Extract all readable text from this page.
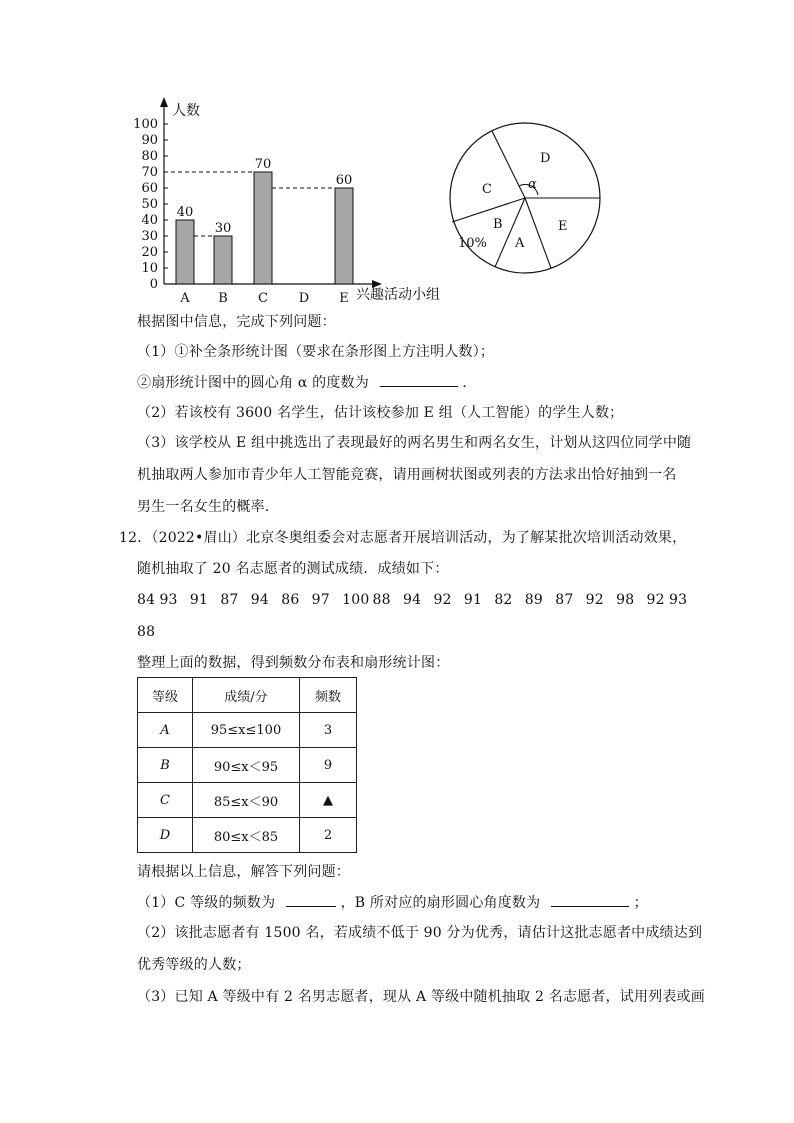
0
10
20
30
40
50
60
70
80
90
100
40
30
70
60
A B C D E
人数
兴趣活动小组
A
B
C
D
E
α
10%
根据图中信息，完成下列问题：
（1）①补全条形统计图（要求在条形图上方注明人数）；
②扇形统计图中的圆心角 α 的度数为	.
（2）若该校有 3600 名学生，估计该校参加 E 组（人工智能）的学生人数；
（3）该学校从 E 组中挑选出了表现最好的两名男生和两名女生，计划从这四位同学中随
机抽取两人参加市青少年人工智能竞赛，请用画树状图或列表的方法求出恰好抽到一名
男生一名女生的概率.
12．（2022•眉山）北京冬奥组委会对志愿者开展培训活动，为了解某批次培训活动效果，
随机抽取了 20 名志愿者的测试成绩．成绩如下：
84 93 91 87 94 86 97 100 88 94 92 91 82 89 87 92 98 92 93
88
整理上面的数据，得到频数分布表和扇形统计图：
等级	成绩/分	频数
A	95≤x≤100	3
B	90≤x＜95	9
C	85≤x＜90	▲
D	80≤x＜85	2
请根据以上信息，解答下列问题：
（1）C 等级的频数为	，B 所对应的扇形圆心角度数为	；
（2）该批志愿者有 1500 名，若成绩不低于 90 分为优秀，请估计这批志愿者中成绩达到
优秀等级的人数；
（3）已知 A 等级中有 2 名男志愿者，现从 A 等级中随机抽取 2 名志愿者，试用列表或画
